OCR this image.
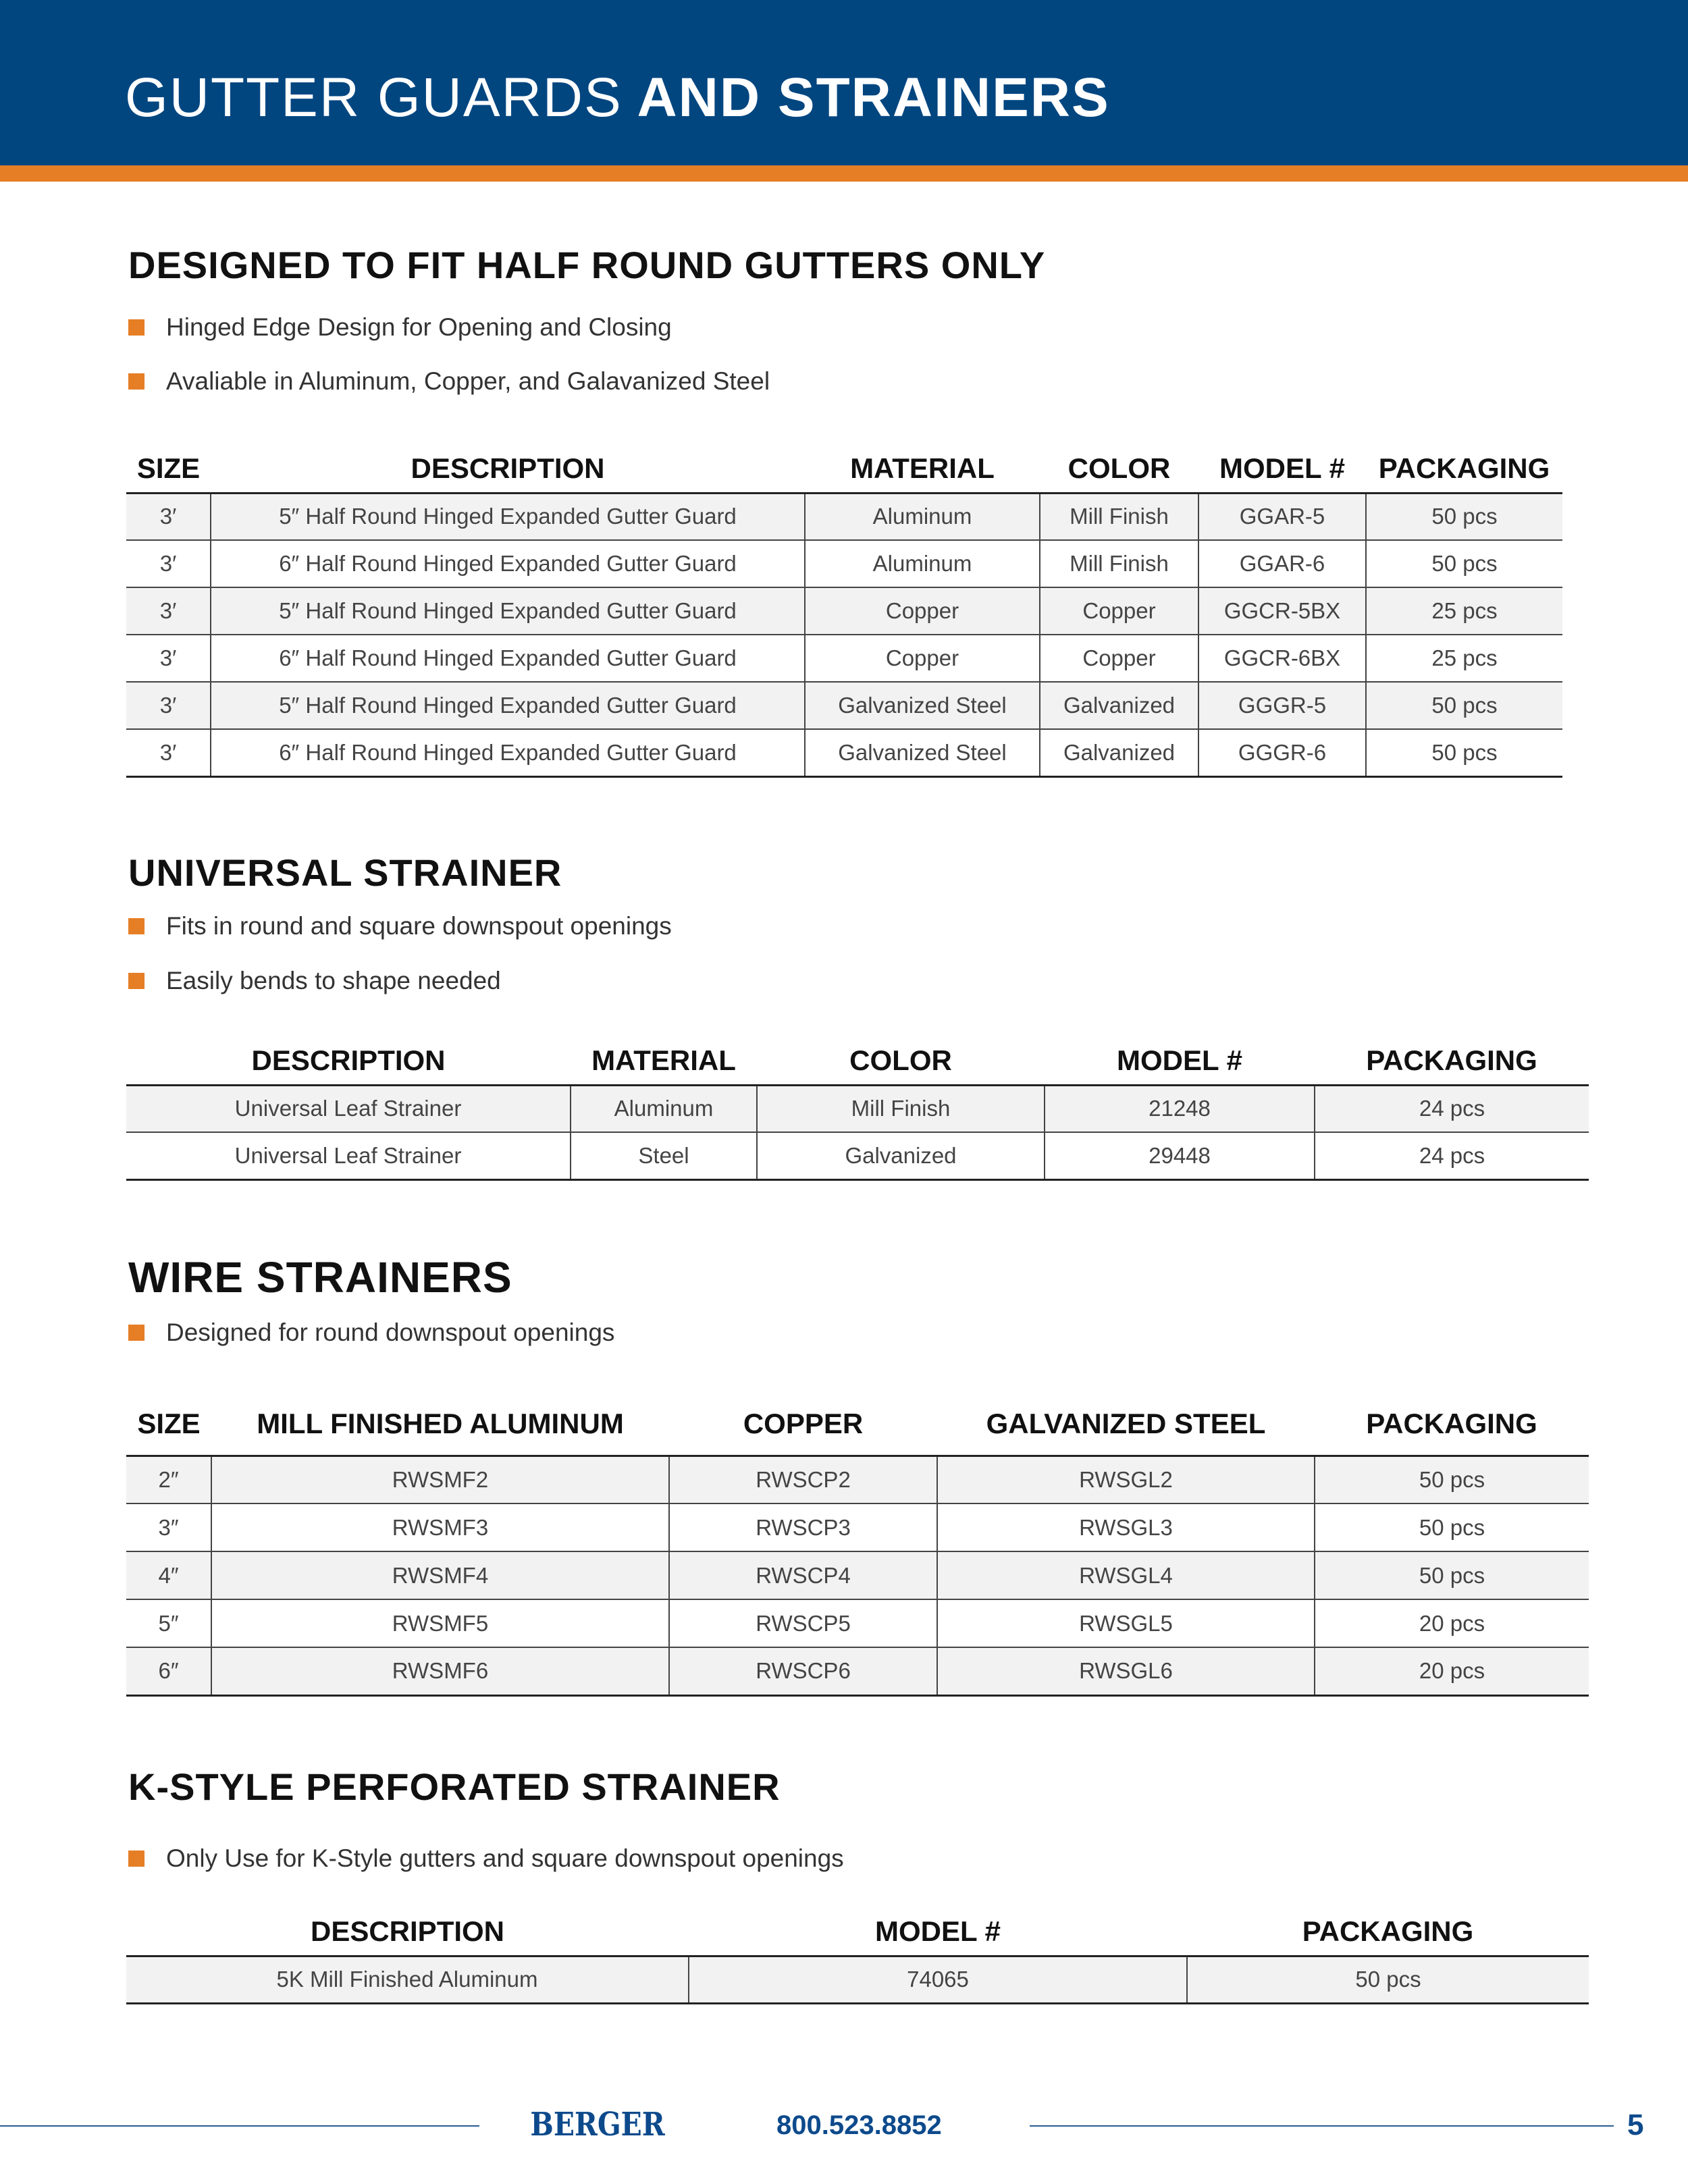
GUTTER GUARDS AND STRAINERS
DESIGNED TO FIT HALF ROUND GUTTERS ONLY
Hinged Edge Design for Opening and Closing
Avaliable in Aluminum, Copper, and Galavanized Steel
SIZE	DESCRIPTION	MATERIAL	COLOR	MODEL #	PACKAGING
3′	5″ Half Round Hinged Expanded Gutter Guard	Aluminum	Mill Finish	GGAR-5	50 pcs
3′	6″ Half Round Hinged Expanded Gutter Guard	Aluminum	Mill Finish	GGAR-6	50 pcs
3′	5″ Half Round Hinged Expanded Gutter Guard	Copper	Copper	GGCR-5BX	25 pcs
3′	6″ Half Round Hinged Expanded Gutter Guard	Copper	Copper	GGCR-6BX	25 pcs
3′	5″ Half Round Hinged Expanded Gutter Guard	Galvanized Steel	Galvanized	GGGR-5	50 pcs
3′	6″ Half Round Hinged Expanded Gutter Guard	Galvanized Steel	Galvanized	GGGR-6	50 pcs
UNIVERSAL STRAINER
Fits in round and square downspout openings
Easily bends to shape needed
DESCRIPTION	MATERIAL	COLOR	MODEL #	PACKAGING
Universal Leaf Strainer	Aluminum	Mill Finish	21248	24 pcs
Universal Leaf Strainer	Steel	Galvanized	29448	24 pcs
WIRE STRAINERS
Designed for round downspout openings
SIZE	MILL FINISHED ALUMINUM	COPPER	GALVANIZED STEEL	PACKAGING
2″	RWSMF2	RWSCP2	RWSGL2	50 pcs
3″	RWSMF3	RWSCP3	RWSGL3	50 pcs
4″	RWSMF4	RWSCP4	RWSGL4	50 pcs
5″	RWSMF5	RWSCP5	RWSGL5	20 pcs
6″	RWSMF6	RWSCP6	RWSGL6	20 pcs
K-STYLE PERFORATED STRAINER
Only Use for K-Style gutters and square downspout openings
DESCRIPTION	MODEL #	PACKAGING
5K Mill Finished Aluminum	74065	50 pcs
BERGER	800.523.8852	5
